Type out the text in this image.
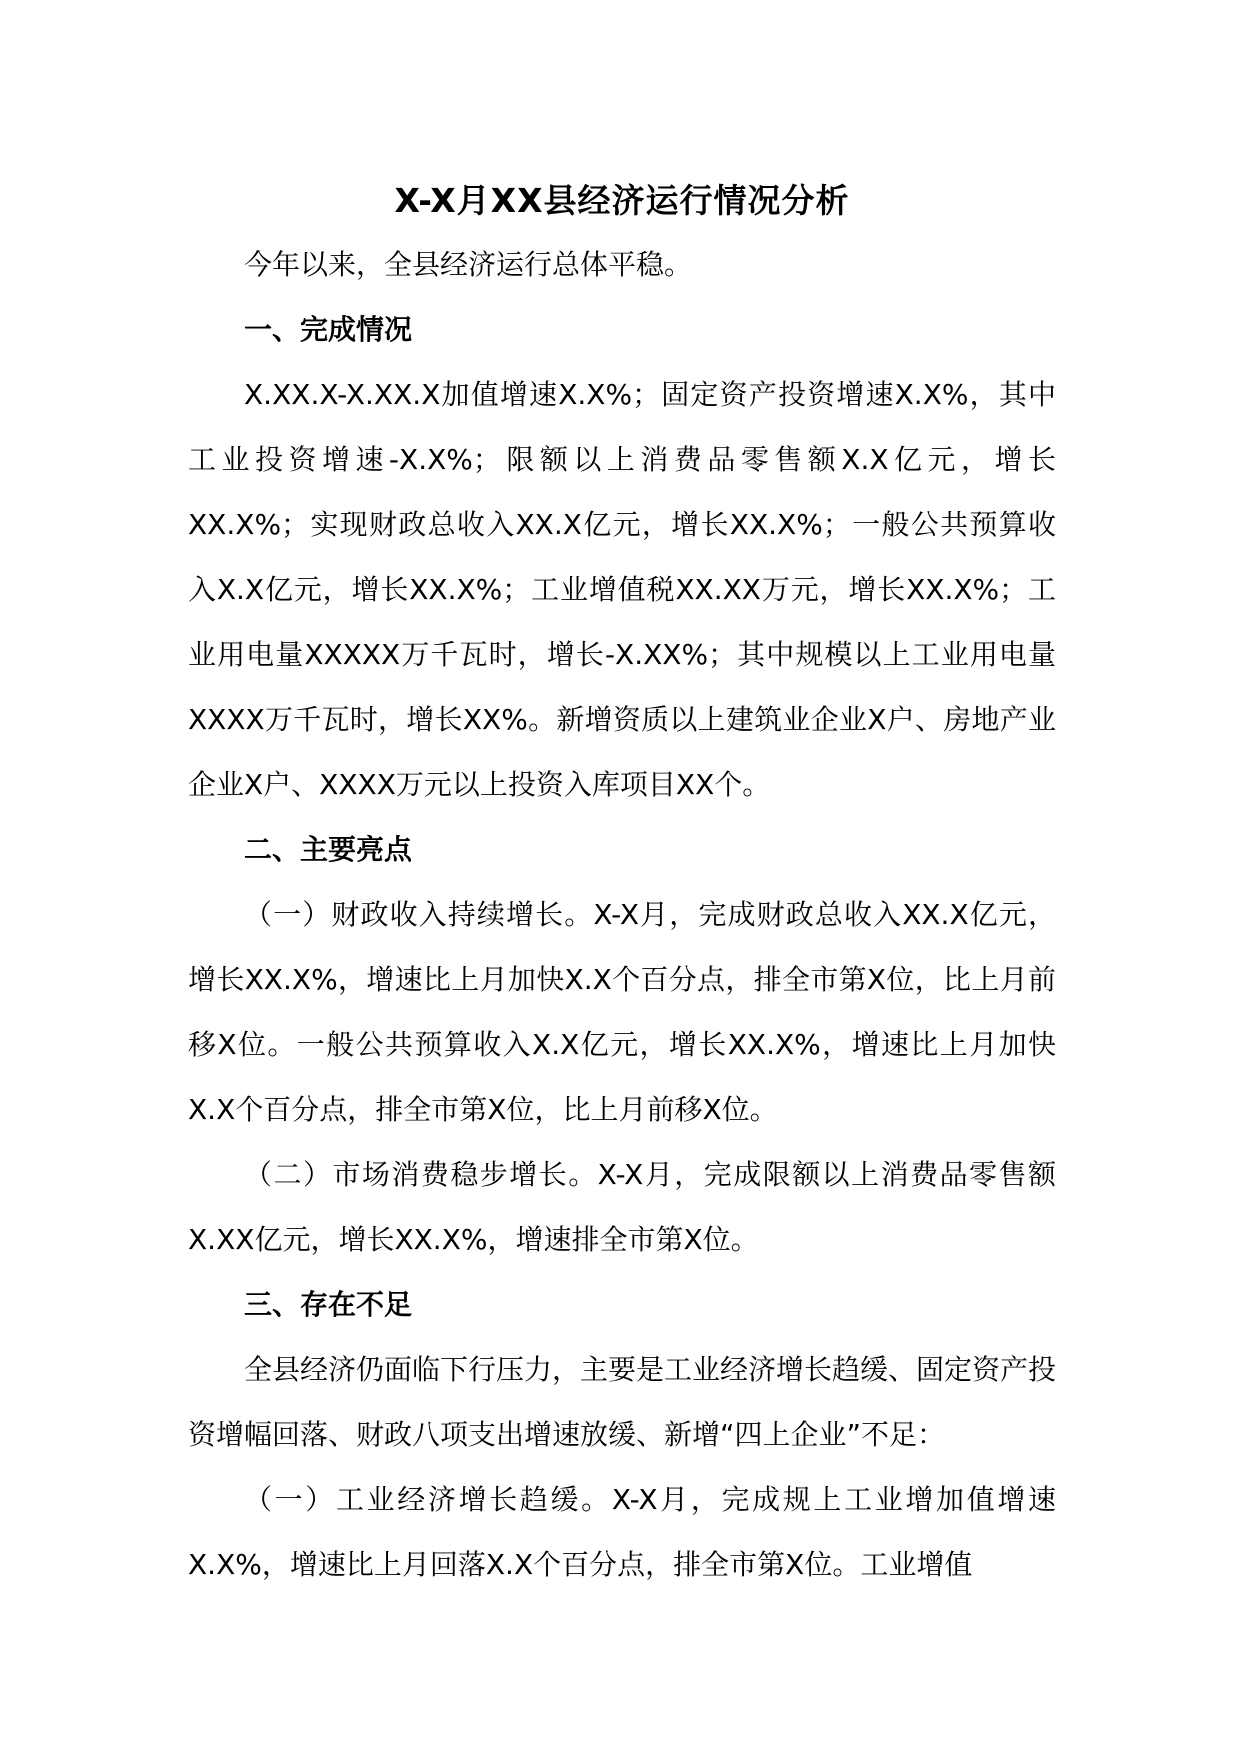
X-X月XX县经济运行情况分析

今年以来，全县经济运行总体平稳。

一、完成情况

X.XX.X-X.XX.X加值增速X.X%；固定资产投资增速X.X%，其中工业投资增速-X.X%；限额以上消费品零售额X.X亿元，增长XX.X%；实现财政总收入XX.X亿元，增长XX.X%；一般公共预算收入X.X亿元，增长XX.X%；工业增值税XX.XX万元，增长XX.X%；工业用电量XXXXX万千瓦时，增长-X.XX%；其中规模以上工业用电量XXXX万千瓦时，增长XX%。新增资质以上建筑业企业X户、房地产业企业X户、XXXX万元以上投资入库项目XX个。

二、主要亮点

（一）财政收入持续增长。X-X月，完成财政总收入XX.X亿元，增长XX.X%，增速比上月加快X.X个百分点，排全市第X位，比上月前移X位。一般公共预算收入X.X亿元，增长XX.X%，增速比上月加快X.X个百分点，排全市第X位，比上月前移X位。

（二）市场消费稳步增长。X-X月，完成限额以上消费品零售额X.XX亿元，增长XX.X%，增速排全市第X位。

三、存在不足

全县经济仍面临下行压力，主要是工业经济增长趋缓、固定资产投资增幅回落、财政八项支出增速放缓、新增“四上企业”不足：

（一）工业经济增长趋缓。X-X月，完成规上工业增加值增速X.X%，增速比上月回落X.X个百分点，排全市第X位。工业增值
